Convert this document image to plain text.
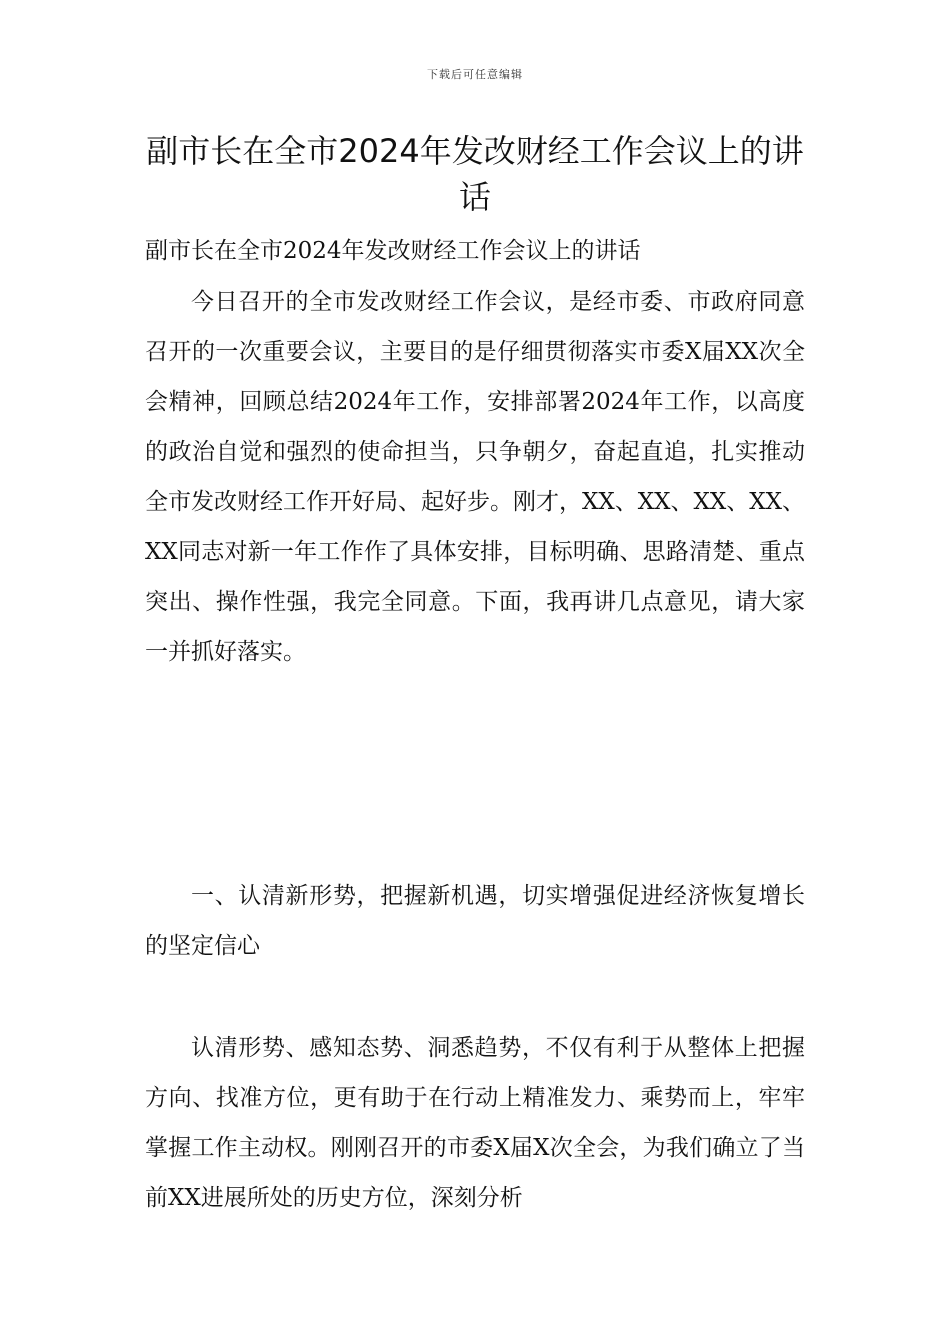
下载后可任意编辑
副市长在全市2024年发改财经工作会议上的讲话
副市长在全市2024年发改财经工作会议上的讲话

今日召开的全市发改财经工作会议，是经市委、市政府同意召开的一次重要会议，主要目的是仔细贯彻落实市委X届XX次全会精神，回顾总结2024年工作，安排部署2024年工作，以高度的政治自觉和强烈的使命担当，只争朝夕，奋起直追，扎实推动全市发改财经工作开好局、起好步。刚才，XX、XX、XX、XX、XX同志对新一年工作作了具体安排，目标明确、思路清楚、重点突出、操作性强，我完全同意。下面，我再讲几点意见，请大家一并抓好落实。

一、认清新形势，把握新机遇，切实增强促进经济恢复增长的坚定信心

认清形势、感知态势、洞悉趋势，不仅有利于从整体上把握方向、找准方位，更有助于在行动上精准发力、乘势而上，牢牢掌握工作主动权。刚刚召开的市委X届X次全会，为我们确立了当前XX进展所处的历史方位，深刻分析
